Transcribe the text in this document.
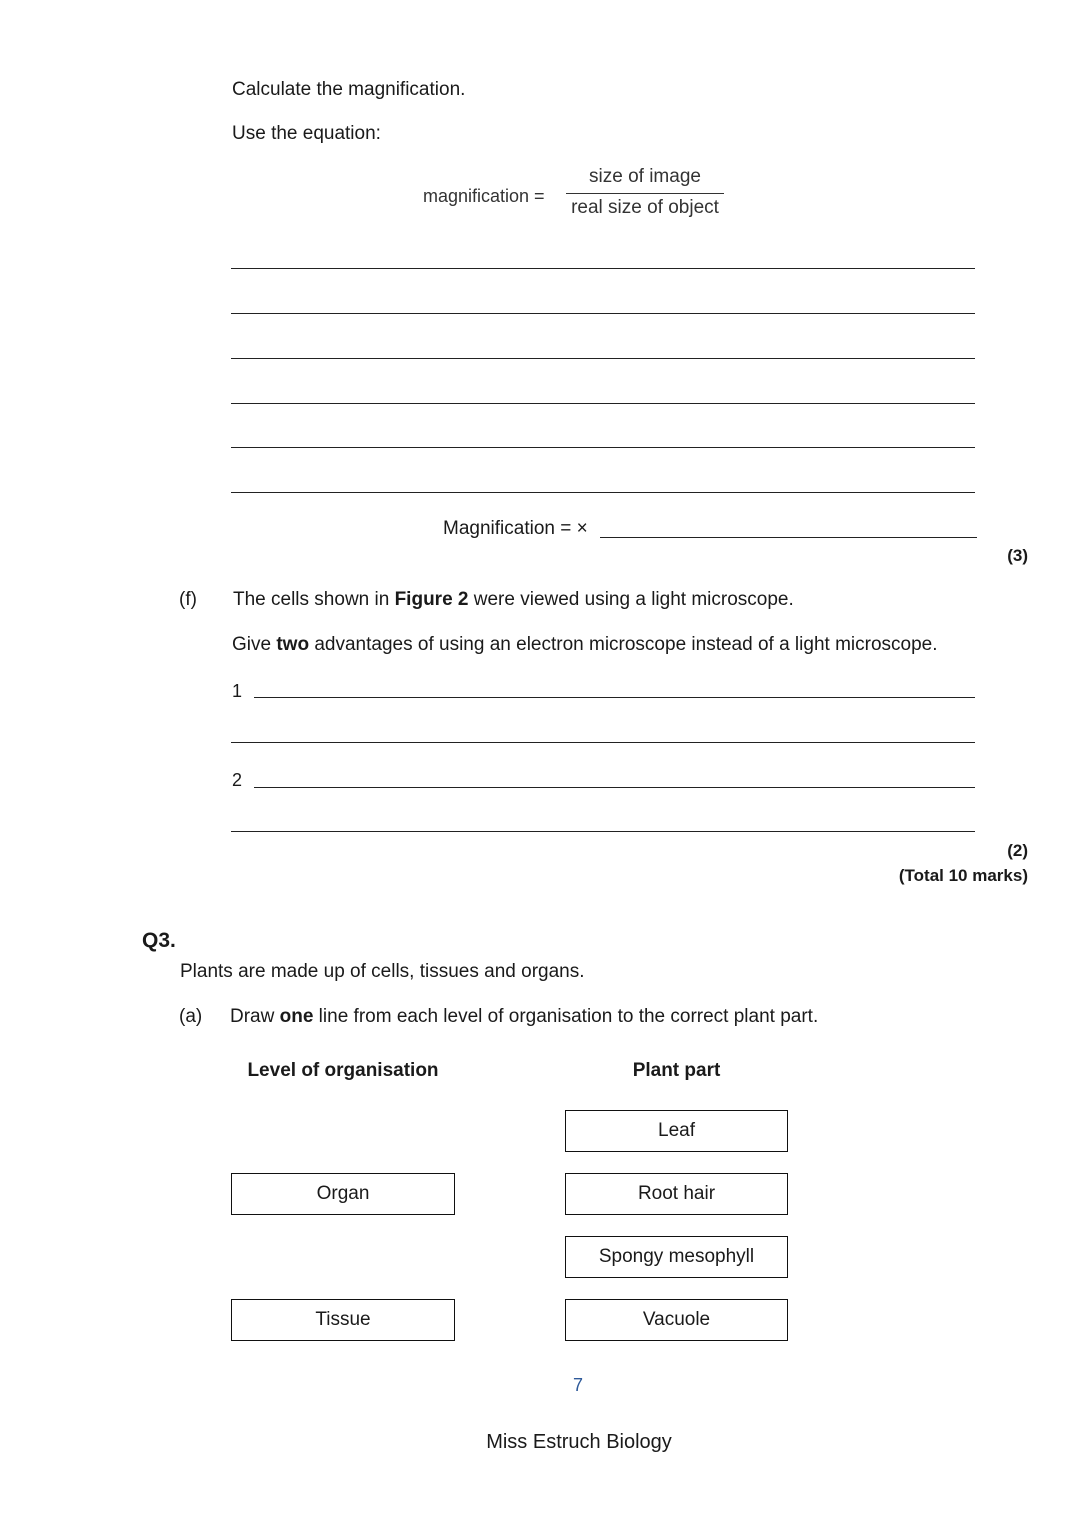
Calculate the magnification.
Use the equation:
magnification =
size of image
real size of object
Magnification = ×
(3)
(f) The cells shown in Figure 2 were viewed using a light microscope.
Give two advantages of using an electron microscope instead of a light microscope.
1
2
(2)
(Total 10 marks)
Q3.
Plants are made up of cells, tissues and organs.
(a) Draw one line from each level of organisation to the correct plant part.
Level of organisation	Plant part
Organ
Tissue
Leaf
Root hair
Spongy mesophyll
Vacuole
7
Miss Estruch Biology
